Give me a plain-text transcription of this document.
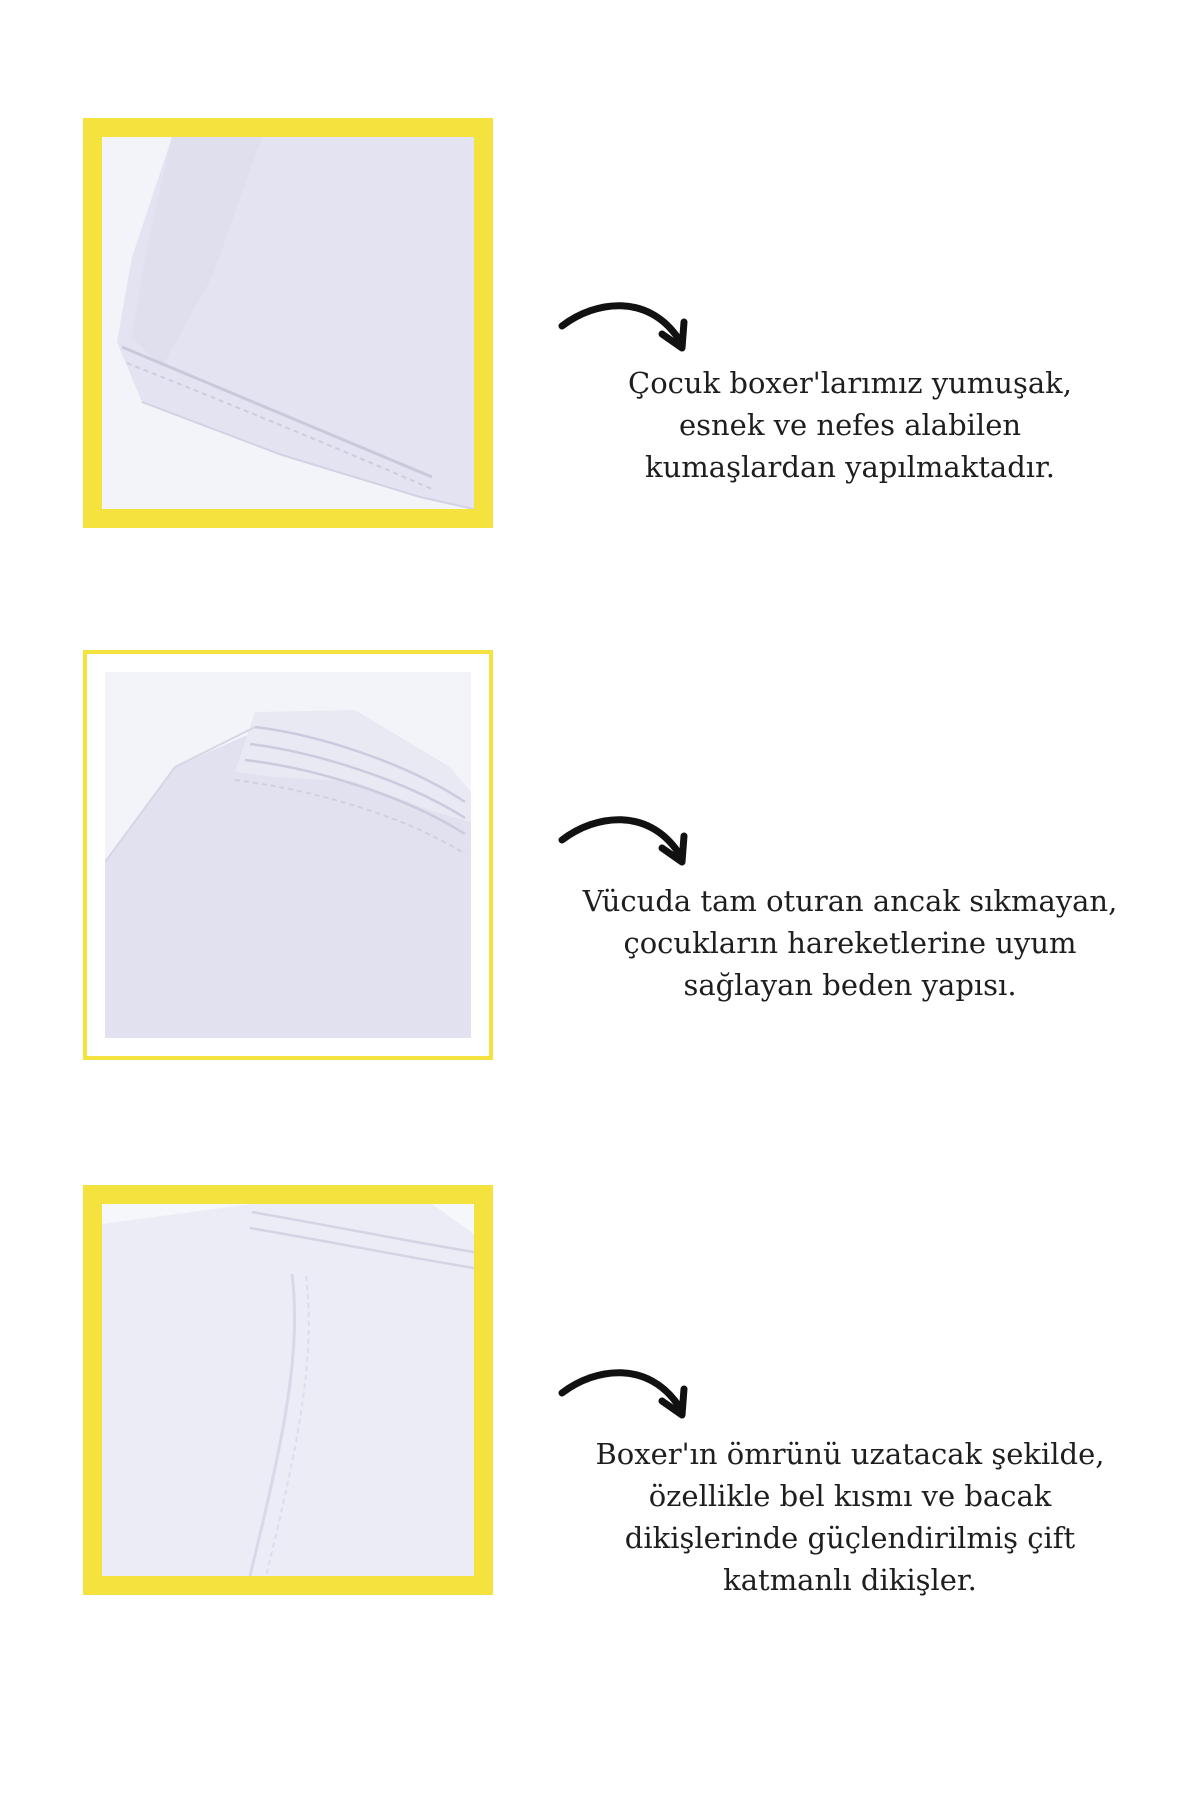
Çocuk boxer'larımız yumuşak,
esnek ve nefes alabilen
kumaşlardan yapılmaktadır.

Vücuda tam oturan ancak sıkmayan,
çocukların hareketlerine uyum
sağlayan beden yapısı.

Boxer'ın ömrünü uzatacak şekilde,
özellikle bel kısmı ve bacak
dikişlerinde güçlendirilmiş çift
katmanlı dikişler.
